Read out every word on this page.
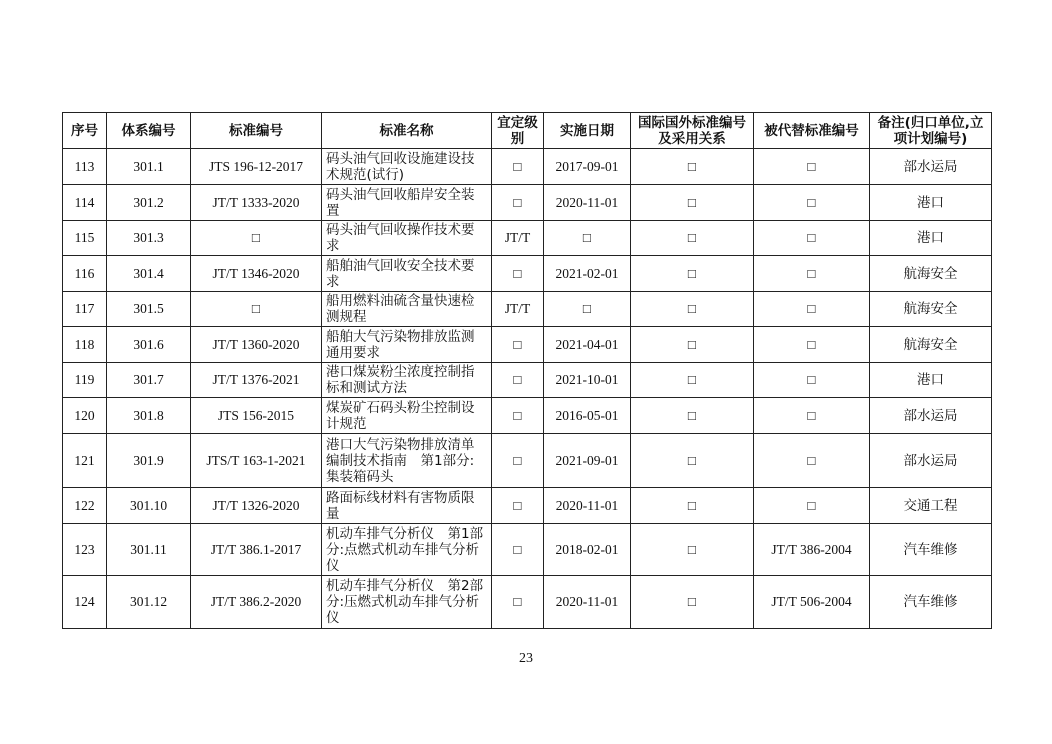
序号	体系编号	标准编号	标准名称	宜定级别	实施日期	国际国外标准编号及采用关系	被代替标准编号	备注(归口单位,立项计划编号)
113	301.1	JTS 196-12-2017	码头油气回收设施建设技术规范(试行)	□	2017-09-01	□	□	部水运局
114	301.2	JT/T 1333-2020	码头油气回收船岸安全装置	□	2020-11-01	□	□	港口
115	301.3	□	码头油气回收操作技术要求	JT/T	□	□	□	港口
116	301.4	JT/T 1346-2020	船舶油气回收安全技术要求	□	2021-02-01	□	□	航海安全
117	301.5	□	船用燃料油硫含量快速检测规程	JT/T	□	□	□	航海安全
118	301.6	JT/T 1360-2020	船舶大气污染物排放监测通用要求	□	2021-04-01	□	□	航海安全
119	301.7	JT/T 1376-2021	港口煤炭粉尘浓度控制指标和测试方法	□	2021-10-01	□	□	港口
120	301.8	JTS 156-2015	煤炭矿石码头粉尘控制设计规范	□	2016-05-01	□	□	部水运局
121	301.9	JTS/T 163-1-2021	港口大气污染物排放清单编制技术指南　第1部分:集装箱码头	□	2021-09-01	□	□	部水运局
122	301.10	JT/T 1326-2020	路面标线材料有害物质限量	□	2020-11-01	□	□	交通工程
123	301.11	JT/T 386.1-2017	机动车排气分析仪　第1部分:点燃式机动车排气分析仪	□	2018-02-01	□	JT/T 386-2004	汽车维修
124	301.12	JT/T 386.2-2020	机动车排气分析仪　第2部分:压燃式机动车排气分析仪	□	2020-11-01	□	JT/T 506-2004	汽车维修
23
